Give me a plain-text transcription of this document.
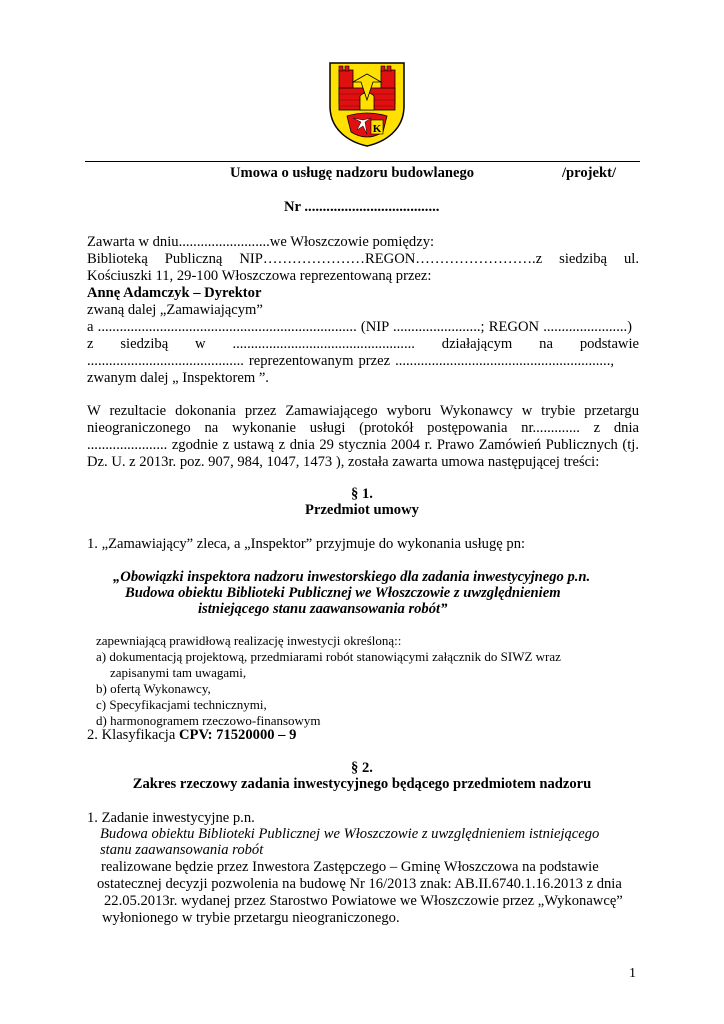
K
Umowa o usługę nadzoru budowlanego	/projekt/
Nr .....................................
Zawarta w dniu.........................we Włoszczowie pomiędzy:
Biblioteką Publiczną NIP…………………REGON…………………….z siedzibą ul.
Kościuszki 11, 29-100 Włoszczowa reprezentowaną przez:
Annę Adamczyk – Dyrektor
zwaną dalej „Zamawiającym”
a ....................................................................... (NIP ........................; REGON .......................)
z siedzibą w .................................................. działającym na podstawie
........................................... reprezentowanym przez ...........................................................,
zwanym dalej „ Inspektorem ”.
W rezultacie dokonania przez Zamawiającego wyboru Wykonawcy w trybie przetargu
nieograniczonego na wykonanie usługi (protokół postępowania nr............. z dnia
...................... zgodnie z ustawą z dnia 29 stycznia 2004 r. Prawo Zamówień Publicznych (tj.
Dz. U. z 2013r. poz. 907, 984, 1047, 1473 ), została zawarta umowa następującej treści:
§ 1.
Przedmiot umowy
1. „Zamawiający” zleca, a „Inspektor” przyjmuje do wykonania usługę pn:
„Obowiązki inspektora nadzoru inwestorskiego dla zadania inwestycyjnego p.n.
Budowa obiektu Biblioteki Publicznej we Włoszczowie z uwzględnieniem
istniejącego stanu zaawansowania robót”
zapewniającą prawidłową realizację inwestycji określoną::
a) dokumentacją projektową, przedmiarami robót stanowiącymi załącznik do SIWZ wraz
zapisanymi tam uwagami,
b) ofertą Wykonawcy,
c) Specyfikacjami technicznymi,
d) harmonogramem rzeczowo-finansowym
2. Klasyfikacja CPV: 71520000 – 9
§ 2.
Zakres rzeczowy zadania inwestycyjnego będącego przedmiotem nadzoru
1. Zadanie inwestycyjne p.n.
Budowa obiektu Biblioteki Publicznej we Włoszczowie z uwzględnieniem istniejącego
stanu zaawansowania robót
realizowane będzie przez Inwestora Zastępczego – Gminę Włoszczowa na podstawie
ostatecznej decyzji pozwolenia na budowę Nr 16/2013 znak: AB.II.6740.1.16.2013 z dnia
22.05.2013r. wydanej przez Starostwo Powiatowe we Włoszczowie przez „Wykonawcę”
wyłonionego w trybie przetargu nieograniczonego.
1
